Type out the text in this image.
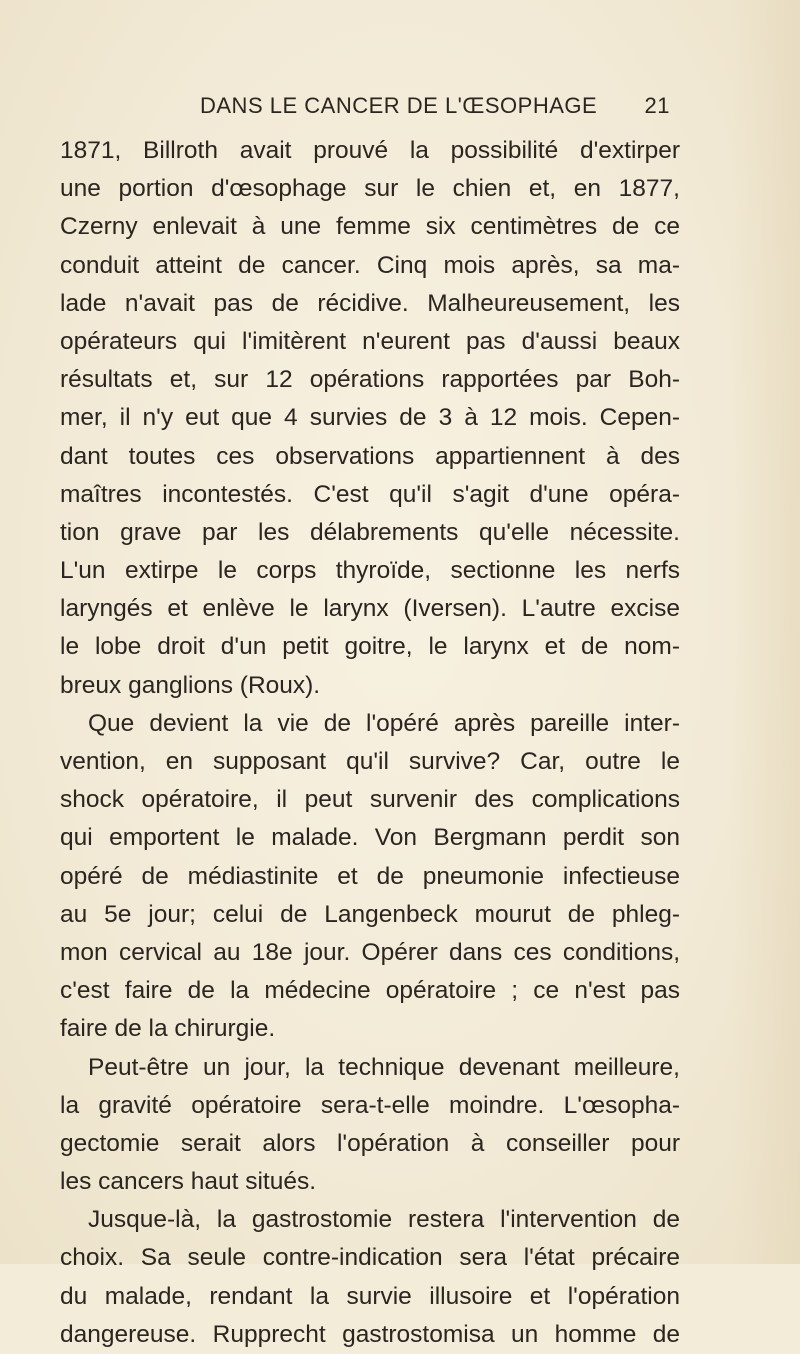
DANS LE CANCER DE L'ŒSOPHAGE 21
1871, Billroth avait prouvé la possibilité d'extirper
une portion d'œsophage sur le chien et, en 1877,
Czerny enlevait à une femme six centimètres de ce
conduit atteint de cancer. Cinq mois après, sa ma-
lade n'avait pas de récidive. Malheureusement, les
opérateurs qui l'imitèrent n'eurent pas d'aussi beaux
résultats et, sur 12 opérations rapportées par Boh-
mer, il n'y eut que 4 survies de 3 à 12 mois. Cepen-
dant toutes ces observations appartiennent à des
maîtres incontestés. C'est qu'il s'agit d'une opéra-
tion grave par les délabrements qu'elle nécessite.
L'un extirpe le corps thyroïde, sectionne les nerfs
laryngés et enlève le larynx (Iversen). L'autre excise
le lobe droit d'un petit goitre, le larynx et de nom-
breux ganglions (Roux).
Que devient la vie de l'opéré après pareille inter-
vention, en supposant qu'il survive? Car, outre le
shock opératoire, il peut survenir des complications
qui emportent le malade. Von Bergmann perdit son
opéré de médiastinite et de pneumonie infectieuse
au 5e jour; celui de Langenbeck mourut de phleg-
mon cervical au 18e jour. Opérer dans ces conditions,
c'est faire de la médecine opératoire ; ce n'est pas
faire de la chirurgie.
Peut-être un jour, la technique devenant meilleure,
la gravité opératoire sera-t-elle moindre. L'œsopha-
gectomie serait alors l'opération à conseiller pour
les cancers haut situés.
Jusque-là, la gastrostomie restera l'intervention de
choix. Sa seule contre-indication sera l'état précaire
du malade, rendant la survie illusoire et l'opération
dangereuse. Rupprecht gastrostomisa un homme de
